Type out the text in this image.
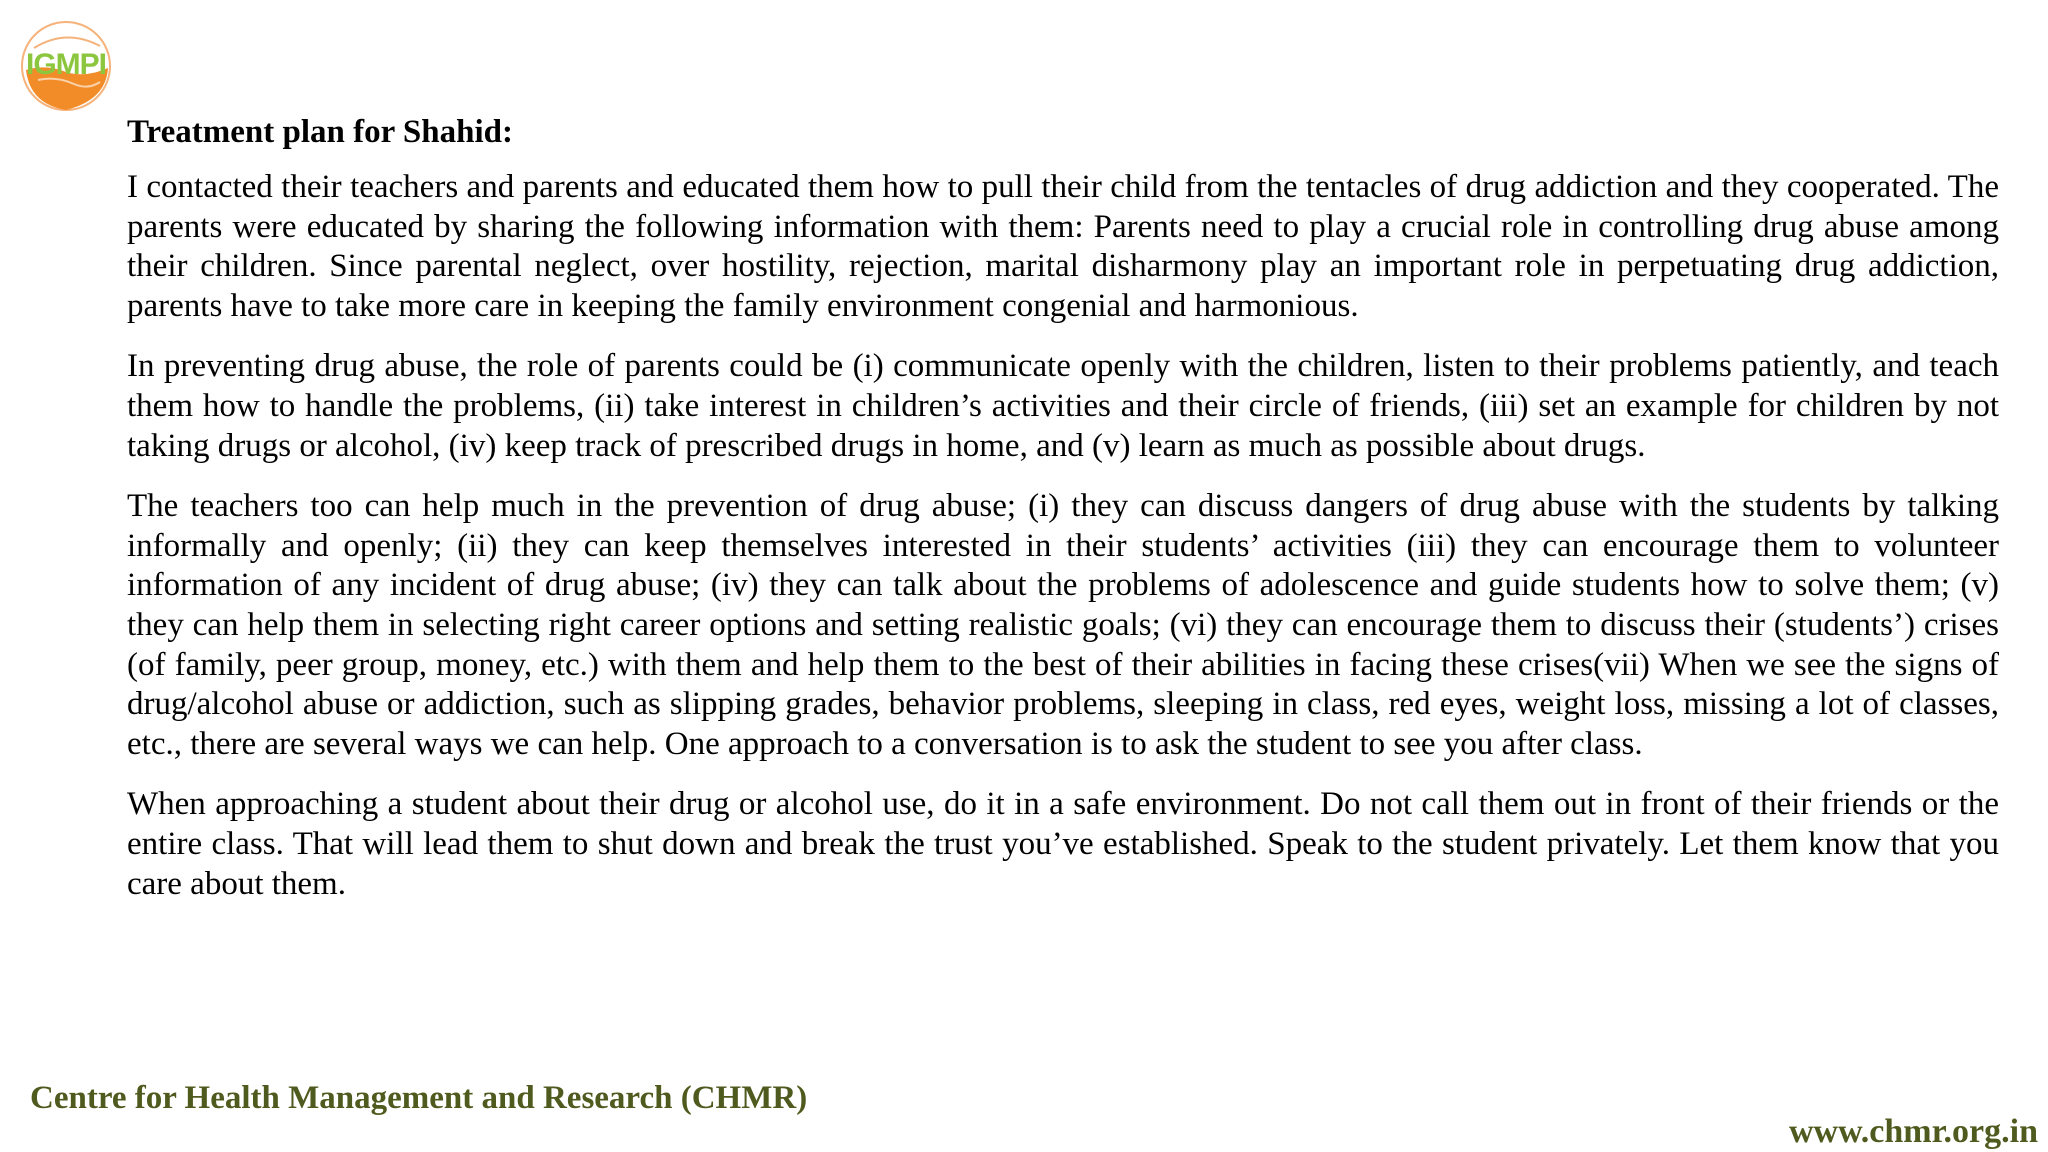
IGMPI
Treatment plan for Shahid:

I contacted their teachers and parents and educated them how to pull their child from the tentacles of drug addiction and they cooperated. The parents were educated by sharing the following information with them: Parents need to play a crucial role in controlling drug abuse among their children. Since parental neglect, over hostility, rejection, marital disharmony play an important role in perpetuating drug addiction, parents have to take more care in keeping the family environment congenial and harmonious.

In preventing drug abuse, the role of parents could be (i) communicate openly with the children, listen to their problems patiently, and teach them how to handle the problems, (ii) take interest in children’s activities and their circle of friends, (iii) set an example for children by not taking drugs or alcohol, (iv) keep track of prescribed drugs in home, and (v) learn as much as possible about drugs.

The teachers too can help much in the prevention of drug abuse; (i) they can discuss dangers of drug abuse with the students by talking informally and openly; (ii) they can keep themselves interested in their students’ activities (iii) they can encourage them to volunteer information of any incident of drug abuse; (iv) they can talk about the problems of adolescence and guide students how to solve them; (v) they can help them in selecting right career options and setting realistic goals; (vi) they can encourage them to discuss their (students’) crises (of family, peer group, money, etc.) with them and help them to the best of their abilities in facing these crises(vii) When we see the signs of drug/alcohol abuse or addiction, such as slipping grades, behavior problems, sleeping in class, red eyes, weight loss, missing a lot of classes, etc., there are several ways we can help. One approach to a conversation is to ask the student to see you after class.

When approaching a student about their drug or alcohol use, do it in a safe environment. Do not call them out in front of their friends or the entire class. That will lead them to shut down and break the trust you’ve established. Speak to the student privately. Let them know that you care about them.

Centre for Health Management and Research (CHMR)
www.chmr.org.in
